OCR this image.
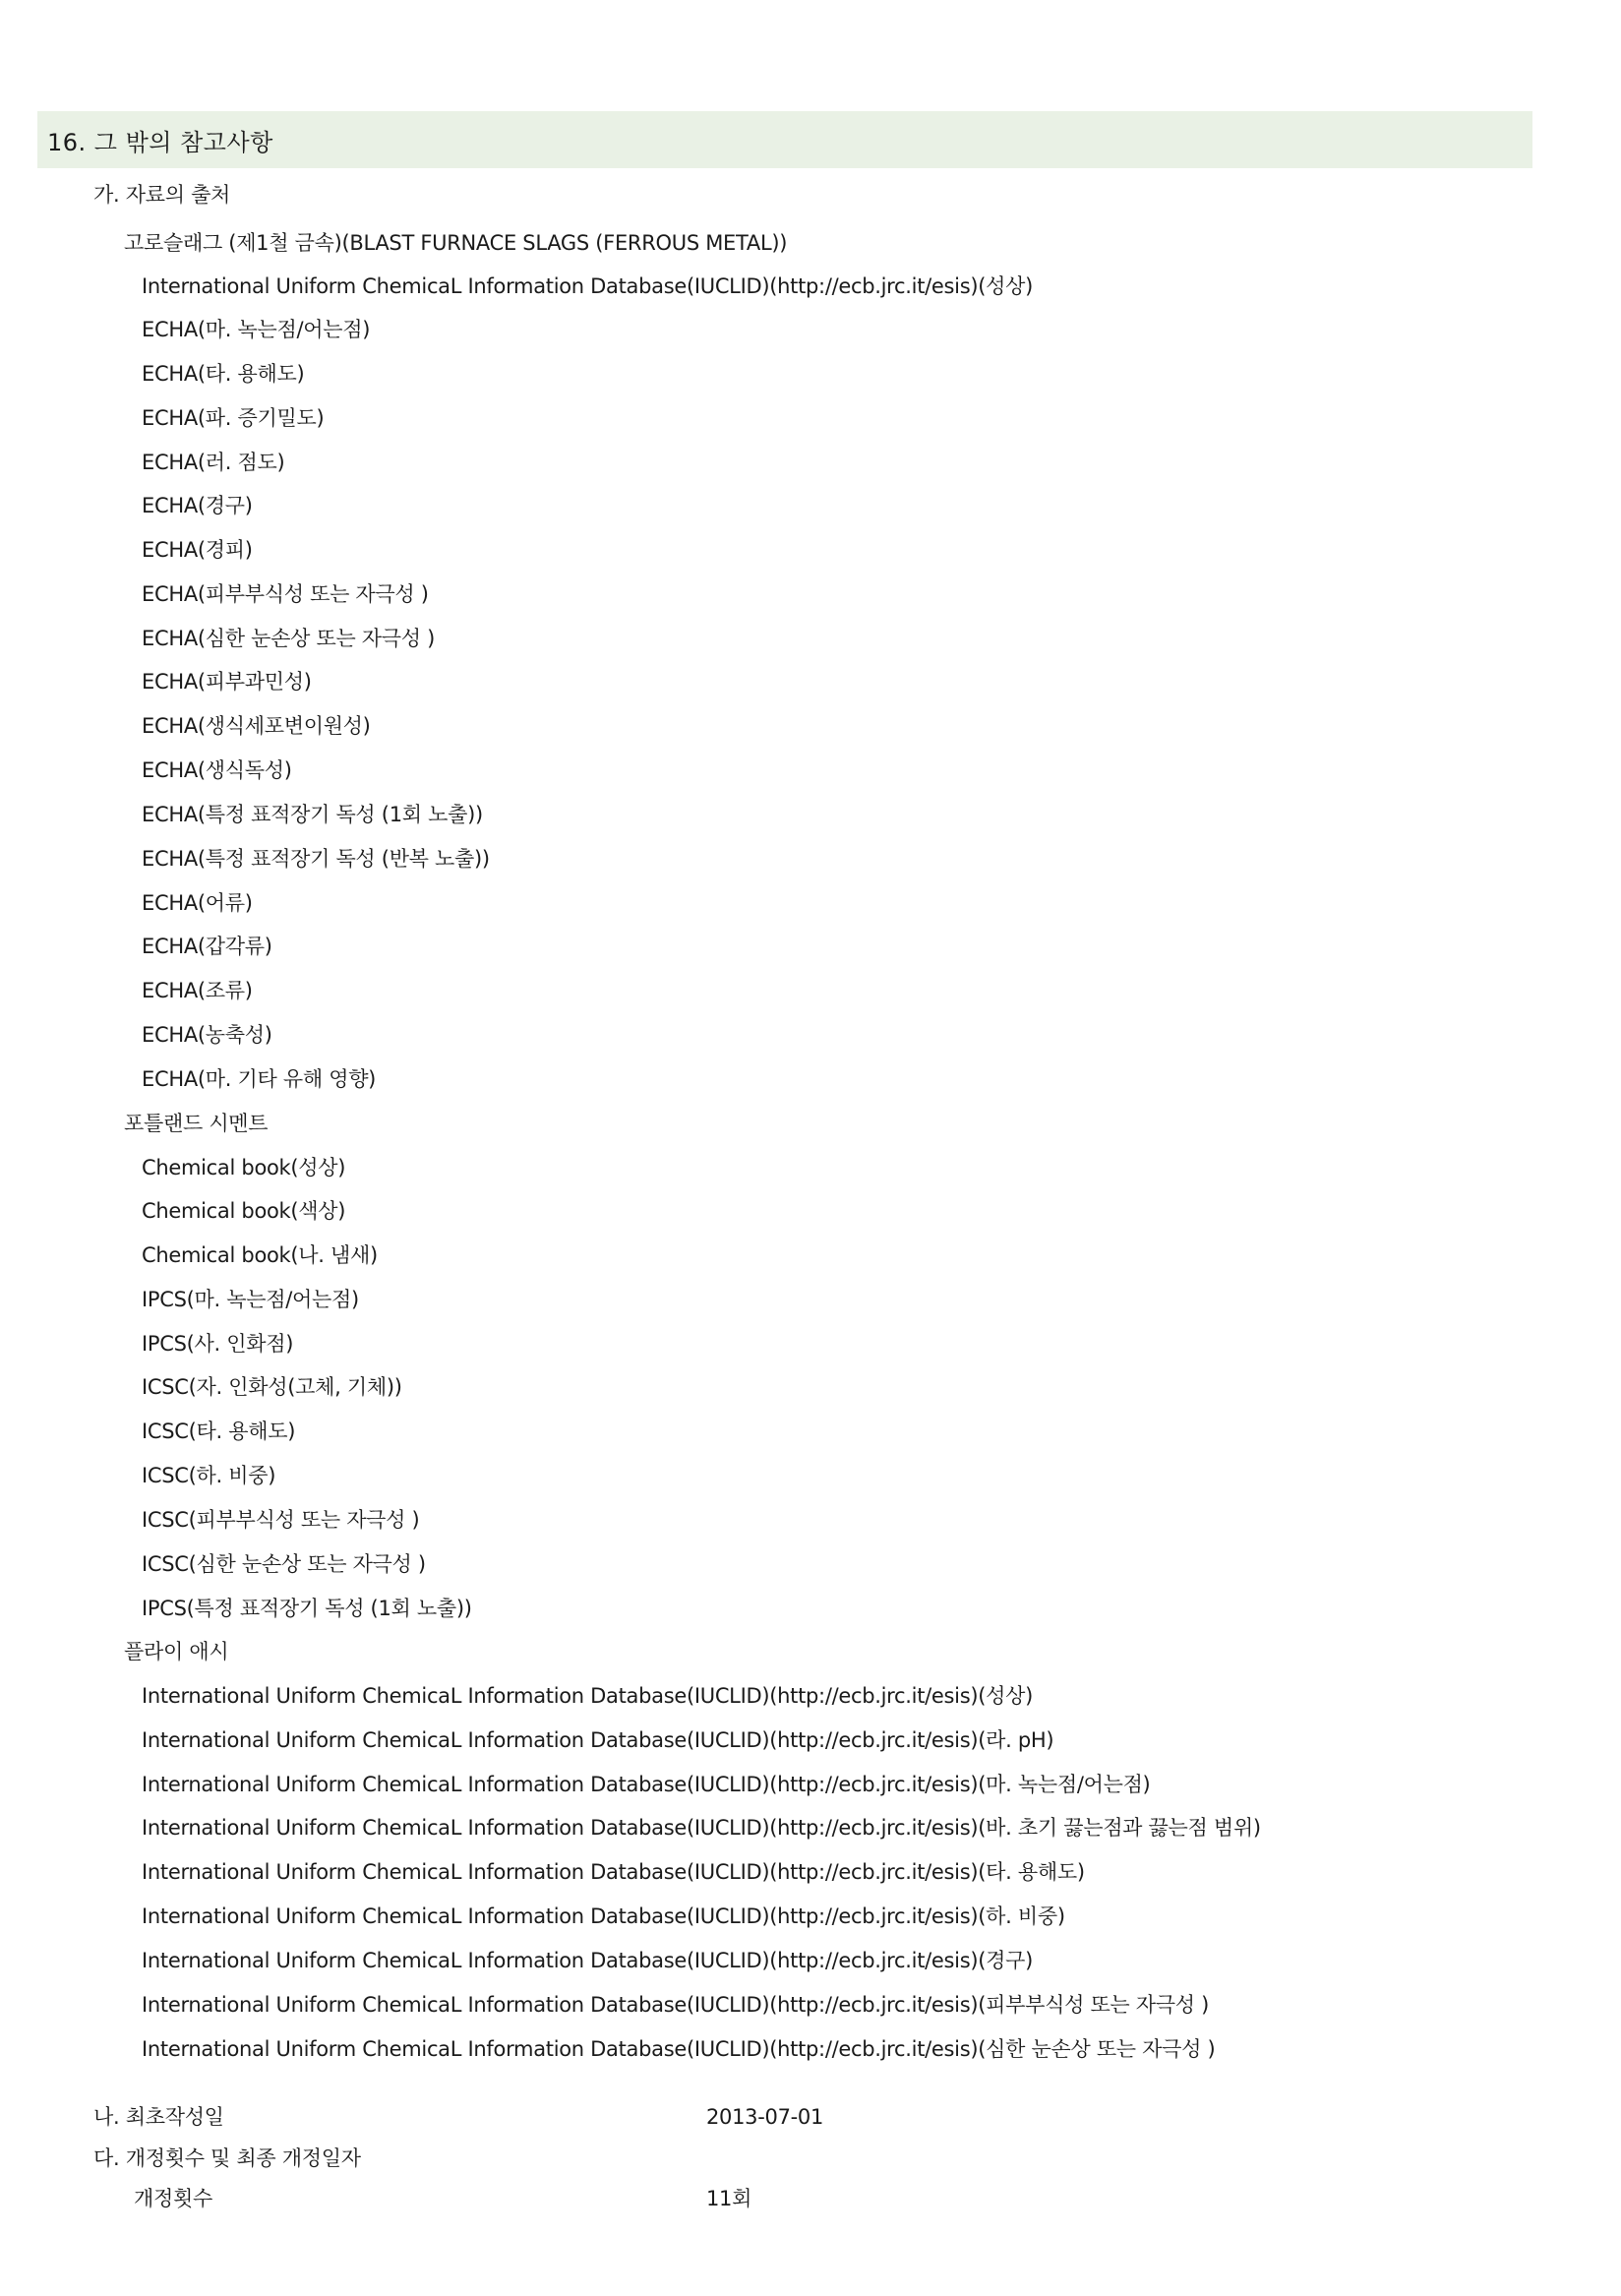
16. 그 밖의 참고사항
가. 자료의 출처
고로슬래그 (제1철 금속)(BLAST FURNACE SLAGS (FERROUS METAL))
International Uniform ChemicaL Information Database(IUCLID)(http://ecb.jrc.it/esis)(성상)
ECHA(마. 녹는점/어는점)
ECHA(타. 용해도)
ECHA(파. 증기밀도)
ECHA(러. 점도)
ECHA(경구)
ECHA(경피)
ECHA(피부부식성 또는 자극성 )
ECHA(심한 눈손상 또는 자극성 )
ECHA(피부과민성)
ECHA(생식세포변이원성)
ECHA(생식독성)
ECHA(특정 표적장기 독성 (1회 노출))
ECHA(특정 표적장기 독성 (반복 노출))
ECHA(어류)
ECHA(갑각류)
ECHA(조류)
ECHA(농축성)
ECHA(마. 기타 유해 영향)
포틀랜드 시멘트
Chemical book(성상)
Chemical book(색상)
Chemical book(나. 냄새)
IPCS(마. 녹는점/어는점)
IPCS(사. 인화점)
ICSC(자. 인화성(고체, 기체))
ICSC(타. 용해도)
ICSC(하. 비중)
ICSC(피부부식성 또는 자극성 )
ICSC(심한 눈손상 또는 자극성 )
IPCS(특정 표적장기 독성 (1회 노출))
플라이 애시
International Uniform ChemicaL Information Database(IUCLID)(http://ecb.jrc.it/esis)(성상)
International Uniform ChemicaL Information Database(IUCLID)(http://ecb.jrc.it/esis)(라. pH)
International Uniform ChemicaL Information Database(IUCLID)(http://ecb.jrc.it/esis)(마. 녹는점/어는점)
International Uniform ChemicaL Information Database(IUCLID)(http://ecb.jrc.it/esis)(바. 초기 끓는점과 끓는점 범위)
International Uniform ChemicaL Information Database(IUCLID)(http://ecb.jrc.it/esis)(타. 용해도)
International Uniform ChemicaL Information Database(IUCLID)(http://ecb.jrc.it/esis)(하. 비중)
International Uniform ChemicaL Information Database(IUCLID)(http://ecb.jrc.it/esis)(경구)
International Uniform ChemicaL Information Database(IUCLID)(http://ecb.jrc.it/esis)(피부부식성 또는 자극성 )
International Uniform ChemicaL Information Database(IUCLID)(http://ecb.jrc.it/esis)(심한 눈손상 또는 자극성 )
나. 최초작성일	2013-07-01
다. 개정횟수 및 최종 개정일자
개정횟수	11회
